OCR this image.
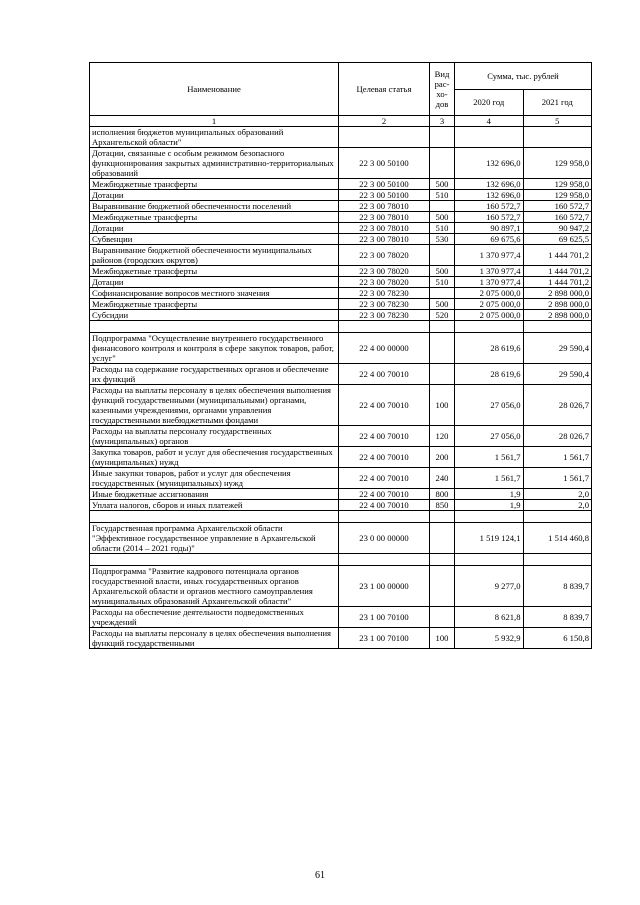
Наименование	Целевая статья	Вид рас-хо-дов	Сумма, тыс. рублей	
			2020 год	2021 год
1	2	3	4	5
исполнения бюджетов муниципальных образований Архангельской области"				
Дотации, связанные с особым режимом безопасного функционирования закрытых административно-территориальных образований	22 3 00 50100		132 696,0	129 958,0
Межбюджетные трансферты	22 3 00 50100	500	132 696,0	129 958,0
Дотации	22 3 00 50100	510	132 696,0	129 958,0
Выравнивание бюджетной обеспеченности поселений	22 3 00 78010		160 572,7	160 572,7
Межбюджетные трансферты	22 3 00 78010	500	160 572,7	160 572,7
Дотации	22 3 00 78010	510	90 897,1	90 947,2
Субвенции	22 3 00 78010	530	69 675,6	69 625,5
Выравнивание бюджетной обеспеченности муниципальных районов (городских округов)	22 3 00 78020		1 370 977,4	1 444 701,2
Межбюджетные трансферты	22 3 00 78020	500	1 370 977,4	1 444 701,2
Дотации	22 3 00 78020	510	1 370 977,4	1 444 701,2
Софинансирование вопросов местного значения	22 3 00 78230		2 075 000,0	2 898 000,0
Межбюджетные трансферты	22 3 00 78230	500	2 075 000,0	2 898 000,0
Субсидии	22 3 00 78230	520	2 075 000,0	2 898 000,0

Подпрограмма "Осуществление внутреннего государственного финансового контроля и контроля в сфере закупок товаров, работ, услуг"	22 4 00 00000		28 619,6	29 590,4
Расходы на содержание государственных органов и обеспечение их функций	22 4 00 70010		28 619,6	29 590,4
Расходы на выплаты персоналу в целях обеспечения выполнения функций государственными (муниципальными) органами, казенными учреждениями, органами управления государственными внебюджетными фондами	22 4 00 70010	100	27 056,0	28 026,7
Расходы на выплаты персоналу государственных (муниципальных) органов	22 4 00 70010	120	27 056,0	28 026,7
Закупка товаров, работ и услуг для обеспечения государственных (муниципальных) нужд	22 4 00 70010	200	1 561,7	1 561,7
Иные закупки товаров, работ и услуг для обеспечения государственных (муниципальных) нужд	22 4 00 70010	240	1 561,7	1 561,7
Иные бюджетные ассигнования	22 4 00 70010	800	1,9	2,0
Уплата налогов, сборов и иных платежей	22 4 00 70010	850	1,9	2,0

Государственная программа Архангельской области "Эффективное государственное управление в Архангельской области (2014 – 2021 годы)"	23 0 00 00000		1 519 124,1	1 514 460,8

Подпрограмма "Развитие кадрового потенциала органов государственной власти, иных государственных органов Архангельской области и органов местного самоуправления муниципальных образований Архангельской области"	23 1 00 00000		9 277,0	8 839,7
Расходы на обеспечение деятельности подведомственных учреждений	23 1 00 70100		8 621,8	8 839,7
Расходы на выплаты персоналу в целях обеспечения выполнения функций государственными	23 1 00 70100	100	5 932,9	6 150,8
61
